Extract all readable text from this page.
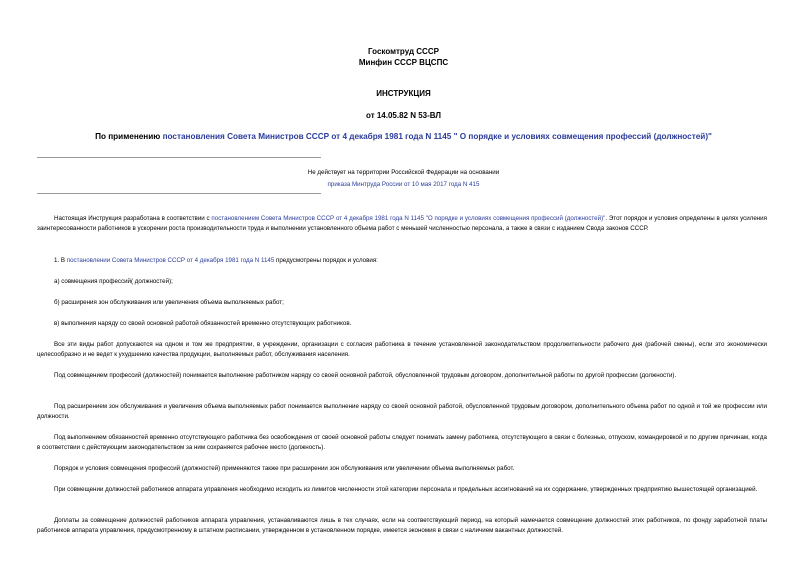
Госкомтруд СССР
Минфин СССР ВЦСПС
ИНСТРУКЦИЯ
от 14.05.82 N 53-ВЛ
По применению постановления Совета Министров СССР от 4 декабря 1981 года N 1145 " О порядке и условиях совмещения профессий (должностей)"
Не действует на территории Российской Федерации на основании
приказа Минтруда России от 10 мая 2017 года N 415
Настоящая Инструкция разработана в соответствии с постановлением Совета Министров СССР от 4 декабря 1981 года N 1145 "О порядке и условиях совмещения профессий (должностей)". Этот порядок и условия определены в целях усиления заинтересованности работников в ускорении роста производительности труда и выполнении установленного объема работ с меньшей численностью персонала, а также в связи с изданием Свода законов СССР.
1. В постановлении Совета Министров СССР от 4 декабря 1981 года N 1145 предусмотрены порядок и условия:
а) совмещения профессий( должностей);
б) расширения зон обслуживания или увеличения объема выполняемых работ;
в) выполнения наряду со своей основной работой обязанностей временно отсутствующих работников.
Все эти виды работ допускаются на одном и том же предприятии, в учреждении, организации с согласия работника в течение установленной законодательством продолжительности рабочего дня (рабочей смены), если это экономически целесообразно и не ведет к ухудшению качества продукции, выполняемых работ, обслуживания населения.
Под совмещением профессий (должностей) понимается выполнение работником наряду со своей основной работой, обусловленной трудовым договором, дополнительной работы по другой профессии (должности).
Под расширением зон обслуживания и увеличения объема выполняемых работ понимается выполнение наряду со своей основной работой, обусловленной трудовым договором, дополнительного объема работ по одной и той же профессии или должности.
Под выполнением обязанностей временно отсутствующего работника без освобождения от своей основной работы следует понимать замену работника, отсутствующего в связи с болезнью, отпуском, командировкой и по другим причинам, когда в соответствии с действующим законодательством за ним сохраняется рабочее место (должность).
Порядок и условия совмещения профессий (должностей) применяются также при расширении зон обслуживания или увеличении объема выполняемых работ.
При совмещении должностей работников аппарата управления необходимо исходить из лимитов численности этой категории персонала и предельных ассигнований на их содержание, утвержденных предприятию вышестоящей организацией.
Доплаты за совмещение должностей работников аппарата управления, устанавливаются лишь в тех случаях, если на соответствующий период, на который намечается совмещение должностей этих работников, по фонду заработной платы работников аппарата управления, предусмотренному в штатном расписании, утвержденном в установленном порядке, имеется экономия в связи с наличием вакантных должностей.
